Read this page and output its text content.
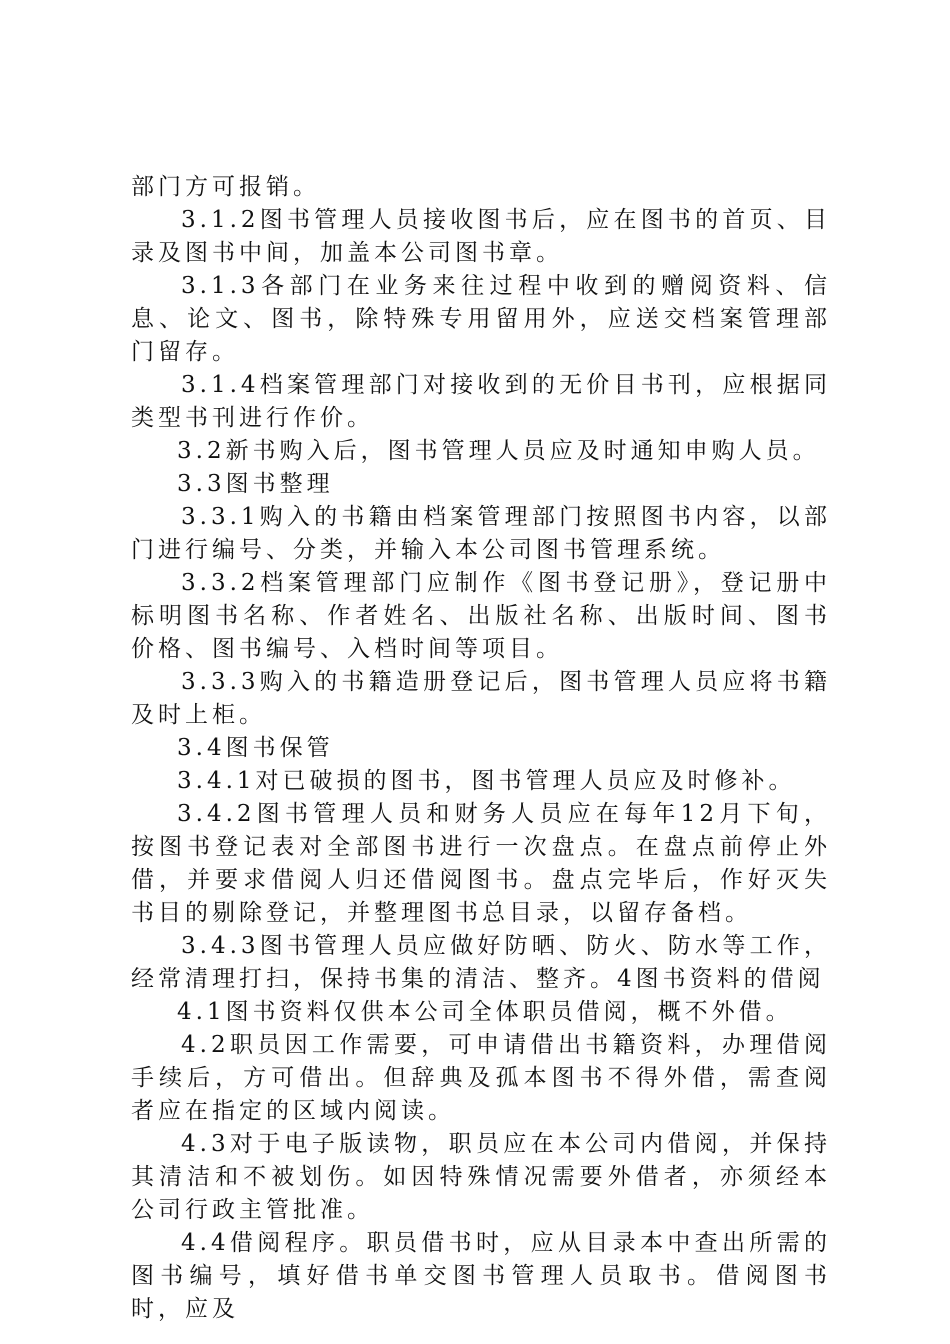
部门方可报销。

3.1.2图书管理人员接收图书后，应在图书的首页、目录及图书中间，加盖本公司图书章。

3.1.3各部门在业务来往过程中收到的赠阅资料、信息、论文、图书，除特殊专用留用外，应送交档案管理部门留存。

3.1.4档案管理部门对接收到的无价目书刊，应根据同类型书刊进行作价。

3.2新书购入后，图书管理人员应及时通知申购人员。

3.3图书整理

3.3.1购入的书籍由档案管理部门按照图书内容，以部门进行编号、分类，并输入本公司图书管理系统。

3.3.2档案管理部门应制作《图书登记册》，登记册中标明图书名称、作者姓名、出版社名称、出版时间、图书价格、图书编号、入档时间等项目。

3.3.3购入的书籍造册登记后，图书管理人员应将书籍及时上柜。

3.4图书保管

3.4.1对已破损的图书，图书管理人员应及时修补。

3.4.2图书管理人员和财务人员应在每年12月下旬，按图书登记表对全部图书进行一次盘点。在盘点前停止外借，并要求借阅人归还借阅图书。盘点完毕后，作好灭失书目的剔除登记，并整理图书总目录，以留存备档。

3.4.3图书管理人员应做好防晒、防火、防水等工作，经常清理打扫，保持书集的清洁、整齐。4图书资料的借阅

4.1图书资料仅供本公司全体职员借阅，概不外借。

4.2职员因工作需要，可申请借出书籍资料，办理借阅手续后，方可借出。但辞典及孤本图书不得外借，需查阅者应在指定的区域内阅读。

4.3对于电子版读物，职员应在本公司内借阅，并保持其清洁和不被划伤。如因特殊情况需要外借者，亦须经本公司行政主管批准。

4.4借阅程序。职员借书时，应从目录本中查出所需的图书编号，填好借书单交图书管理人员取书。借阅图书时，应及
